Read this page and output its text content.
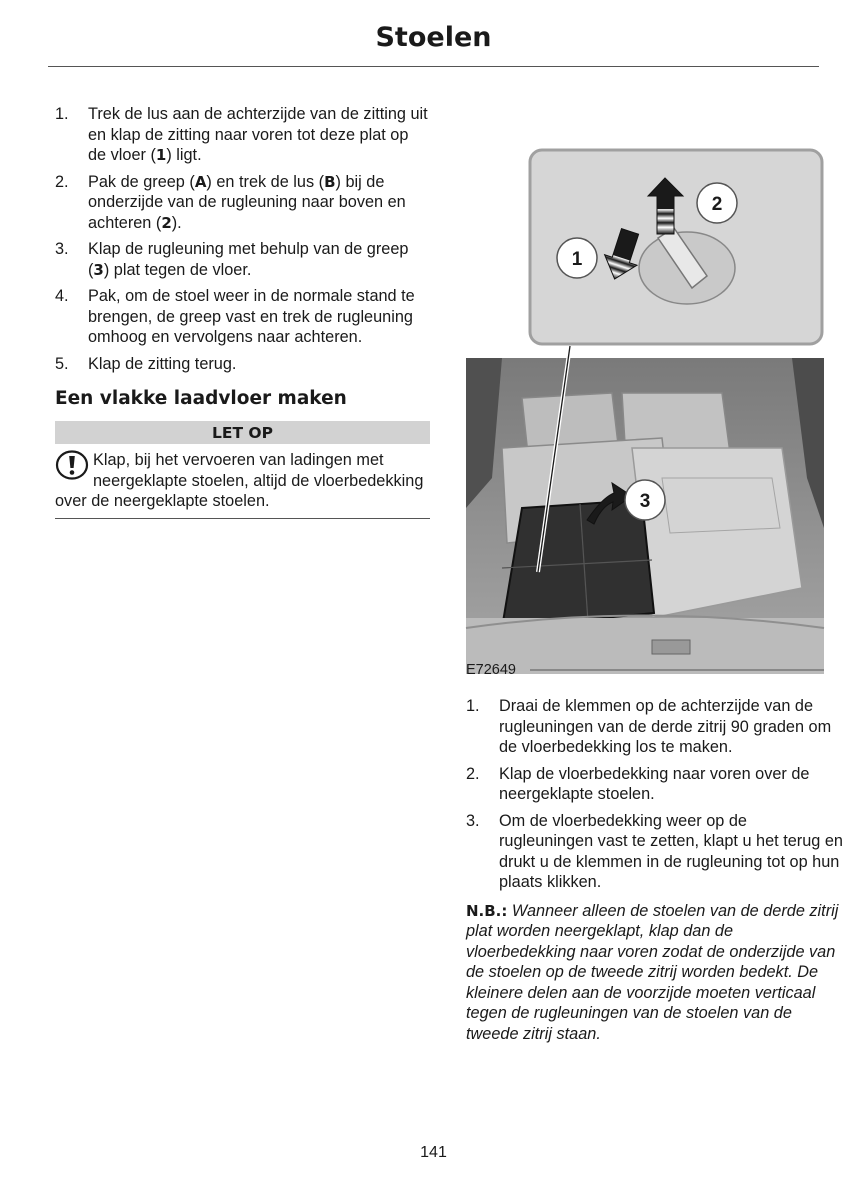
Stoelen
1. Trek de lus aan de achterzijde van de zitting uit en klap de zitting naar voren tot deze plat op de vloer (1) ligt.
2. Pak de greep (A) en trek de lus (B) bij de onderzijde van de rugleuning naar boven en achteren (2).
3. Klap de rugleuning met behulp van de greep (3) plat tegen de vloer.
4. Pak, om de stoel weer in de normale stand te brengen, de greep vast en trek de rugleuning omhoog en vervolgens naar achteren.
5. Klap de zitting terug.
Een vlakke laadvloer maken
LET OP
Klap, bij het vervoeren van ladingen met neergeklapte stoelen, altijd de vloerbedekking over de neergeklapte stoelen.
1
2
3
E72649
1. Draai de klemmen op de achterzijde van de rugleuningen van de derde zitrij 90 graden om de vloerbedekking los te maken.
2. Klap de vloerbedekking naar voren over de neergeklapte stoelen.
3. Om de vloerbedekking weer op de rugleuningen vast te zetten, klapt u het terug en drukt u de klemmen in de rugleuning tot op hun plaats klikken.
N.B.: Wanneer alleen de stoelen van de derde zitrij plat worden neergeklapt, klap dan de vloerbedekking naar voren zodat de onderzijde van de stoelen op de tweede zitrij worden bedekt. De kleinere delen aan de voorzijde moeten verticaal tegen de rugleuningen van de stoelen van de tweede zitrij staan.
141
